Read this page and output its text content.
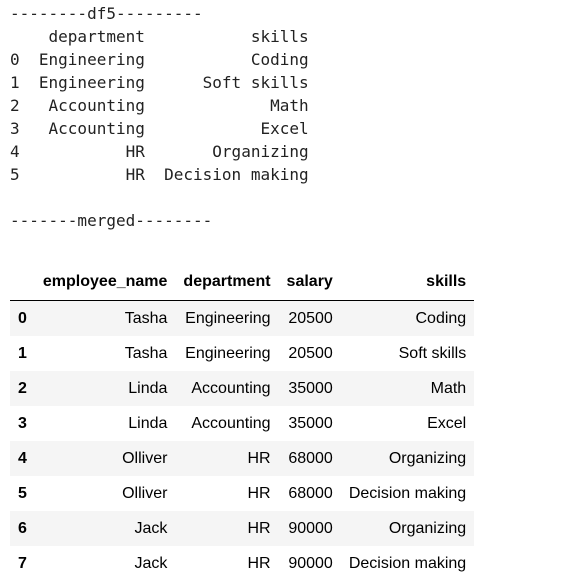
--------df5---------
department           skills
0  Engineering           Coding
1  Engineering      Soft skills
2   Accounting             Math
3   Accounting            Excel
4           HR       Organizing
5           HR  Decision making
-------merged--------
	employee_name	department	salary	skills
0	Tasha	Engineering	20500	Coding
1	Tasha	Engineering	20500	Soft skills
2	Linda	Accounting	35000	Math
3	Linda	Accounting	35000	Excel
4	Olliver	HR	68000	Organizing
5	Olliver	HR	68000	Decision making
6	Jack	HR	90000	Organizing
7	Jack	HR	90000	Decision making
